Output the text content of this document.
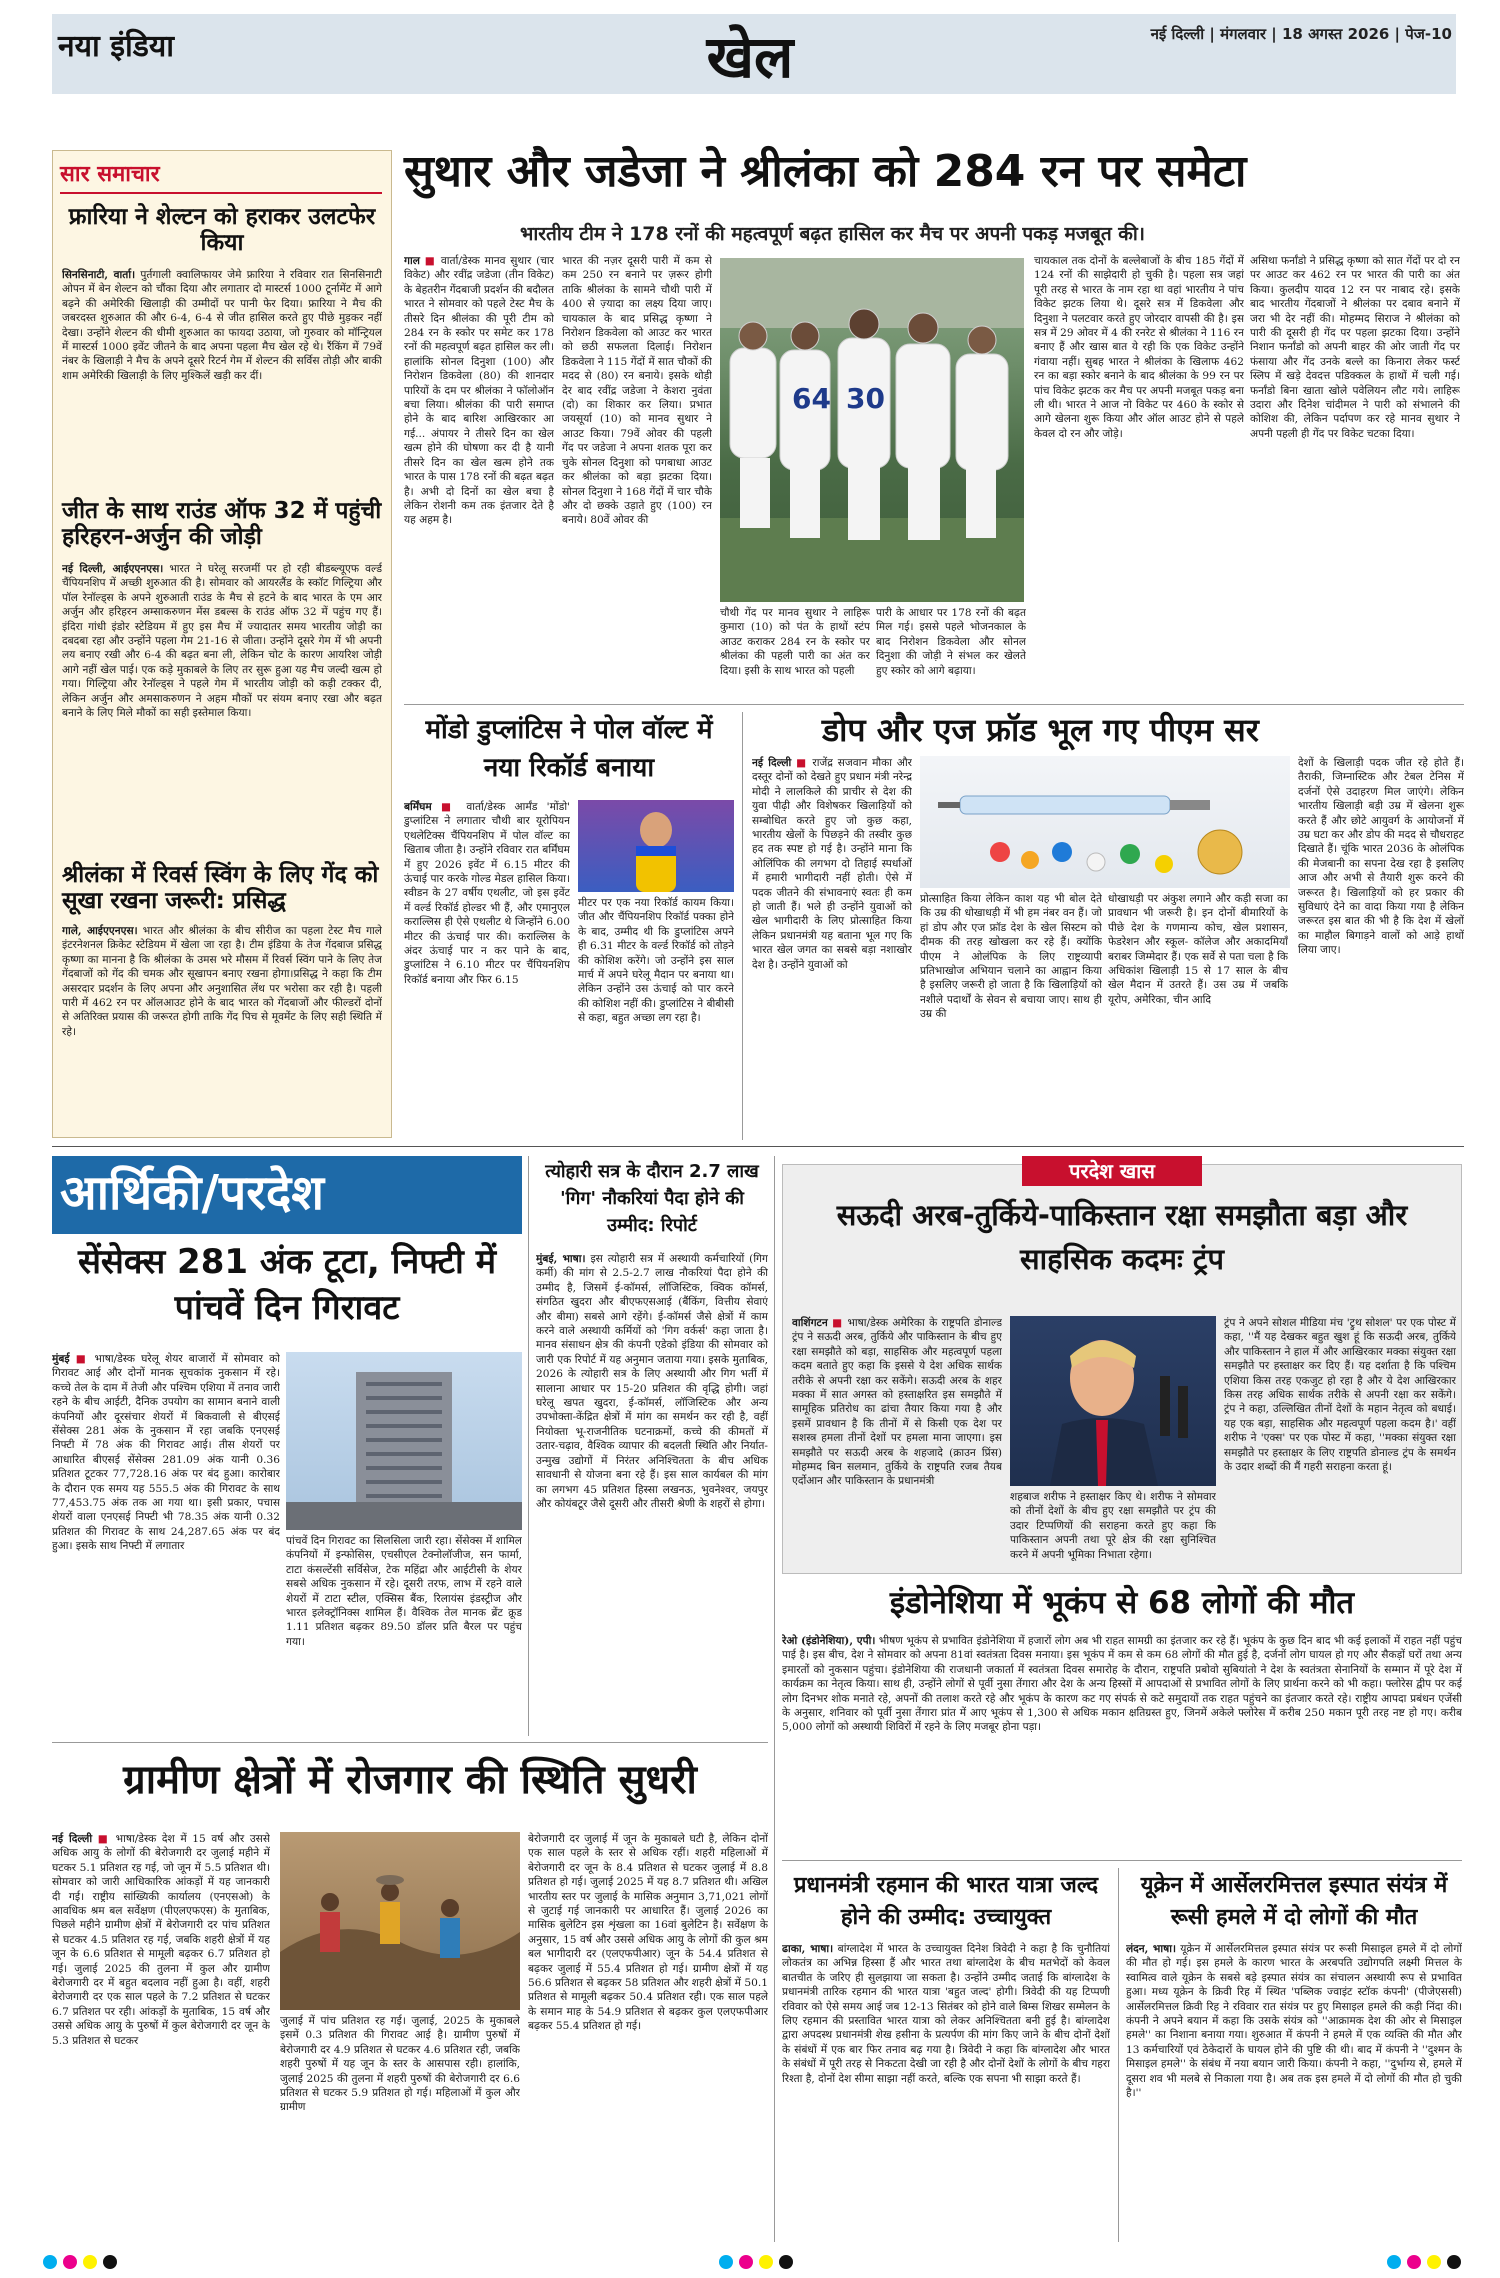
नया इंडिया	नई दिल्ली | मंगलवार | 18 अगस्त 2026 | पेज-10
खेल
सार समाचार
फ्रारिया ने शेल्टन को हराकर उलटफेर किया
सिनसिनाटी, वार्ता। पुर्तगाली क्वालिफायर जेमे फ्रारिया ने रविवार रात सिनसिनाटी ओपन में बेन शेल्टन को चौंका दिया और लगातार दो मास्टर्स 1000 टूर्नामेंट में आगे बढ़ने की अमेरिकी खिलाड़ी की उम्मीदों पर पानी फेर दिया। फ्रारिया ने मैच की जबरदस्त शुरुआत की और 6-4, 6-4 से जीत हासिल करते हुए पीछे मुड़कर नहीं देखा। उन्होंने शेल्टन की धीमी शुरुआत का फायदा उठाया, जो गुरुवार को मॉन्ट्रियल में मास्टर्स 1000 इवेंट जीतने के बाद अपना पहला मैच खेल रहे थे। रैंकिंग में 79वें नंबर के खिलाड़ी ने मैच के अपने दूसरे रिटर्न गेम में शेल्टन की सर्विस तोड़ी और बाकी शाम अमेरिकी खिलाड़ी के लिए मुश्किलें खड़ी कर दीं।
जीत के साथ राउंड ऑफ 32 में पहुंची हरिहरन-अर्जुन की जोड़ी
नई दिल्ली, आईएएनएस। भारत ने घरेलू सरजमीं पर हो रही बीडब्ल्यूएफ वर्ल्ड चैंपियनशिप में अच्छी शुरुआत की है। सोमवार को आयरलैंड के स्कॉट गिल्ट्रिया और पॉल रेनॉल्ड्स के अपने शुरुआती राउंड के मैच से हटने के बाद भारत के एम आर अर्जुन और हरिहरन अम्साकरुणन मेंस डबल्स के राउंड ऑफ 32 में पहुंच गए हैं। इंदिरा गांधी इंडोर स्टेडियम में हुए इस मैच में ज्यादातर समय भारतीय जोड़ी का दबदबा रहा और उन्होंने पहला गेम 21-16 से जीता। उन्होंने दूसरे गेम में भी अपनी लय बनाए रखी और 6-4 की बढ़त बना ली, लेकिन चोट के कारण आयरिश जोड़ी आगे नहीं खेल पाई। एक कड़े मुकाबले के लिए तर सुरू हुआ यह मैच जल्दी खत्म हो गया। गिल्ट्रिया और रेनॉल्ड्स ने पहले गेम में भारतीय जोड़ी को कड़ी टक्कर दी, लेकिन अर्जुन और अमसाकरुणन ने अहम मौकों पर संयम बनाए रखा और बढ़त बनाने के लिए मिले मौकों का सही इस्तेमाल किया।
श्रीलंका में रिवर्स स्विंग के लिए गेंद को सूखा रखना जरूरी: प्रसिद्ध
गाले, आईएएनएस। भारत और श्रीलंका के बीच सीरीज का पहला टेस्ट मैच गाले इंटरनेशनल क्रिकेट स्टेडियम में खेला जा रहा है। टीम इंडिया के तेज गेंदबाज प्रसिद्ध कृष्णा का मानना है कि श्रीलंका के उमस भरे मौसम में रिवर्स स्विंग पाने के लिए तेज गेंदबाजों को गेंद की चमक और सूखापन बनाए रखना होगा।प्रसिद्ध ने कहा कि टीम असरदार प्रदर्शन के लिए अपना और अनुशासित लेंथ पर भरोसा कर रही है। पहली पारी में 462 रन पर ऑलआउट होने के बाद भारत को गेंदबाजों और फील्डरों दोनों से अतिरिक्त प्रयास की जरूरत होगी ताकि गेंद पिच से मूवमेंट के लिए सही स्थिति में रहे।
सुथार और जडेजा ने श्रीलंका को 284 रन पर समेटा
भारतीय टीम ने 178 रनों की महत्वपूर्ण बढ़त हासिल कर मैच पर अपनी पकड़ मजबूत की।
गाल ■ वार्ता/डेस्क मानव सुथार (चार विकेट) और रवींद्र जडेजा (तीन विकेट) के बेहतरीन गेंदबाजी प्रदर्शन की बदौलत भारत ने सोमवार को पहले टेस्ट मैच के तीसरे दिन श्रीलंका की पूरी टीम को 284 रन के स्कोर पर समेट कर 178 रनों की महत्वपूर्ण बढ़त हासिल कर ली। हालांकि सोनल दिनुशा (100) और निरोशन डिकवेला (80) की शानदार पारियों के दम पर श्रीलंका ने फॉलोऑन बचा लिया। श्रीलंका की पारी समाप्त होने के बाद बारिश आखिरकार आ गई... अंपायर ने तीसरे दिन का खेल खत्म होने की घोषणा कर दी है यानी तीसरे दिन का खेल खत्म होने तक भारत के पास 178 रनों की बढ़त बढ़त है। अभी दो दिनों का खेल बचा है लेकिन रोशनी कम तक इंतजार देते है यह अहम है।
भारत की नज़र दूसरी पारी में कम से कम 250 रन बनाने पर ज़रूर होगी ताकि श्रीलंका के सामने चौथी पारी में 400 से ज़्यादा का लक्ष्य दिया जाए। चायकाल के बाद प्रसिद्ध कृष्णा ने निरोशन डिकवेला को आउट कर भारत को छठी सफलता दिलाई। निरोशन डिकवेला ने 115 गेंदों में सात चौकों की मदद से (80) रन बनाये। इसके थोड़ी देर बाद रवींद्र जडेजा ने केशरा नुवंता (दो) का शिकार कर लिया। प्रभात जयसूर्या (10) को मानव सुथार ने आउट किया। 79वें ओवर की पहली गेंद पर जडेजा ने अपना शतक पूरा कर चुके सोनल दिनुशा को पगबाधा आउट कर श्रीलंका को बड़ा झटका दिया। सोनल दिनुशा ने 168 गेंदों में चार चौके और दो छक्के उड़ाते हुए (100) रन बनाये। 80वें ओवर की
64 30
चौथी गेंद पर मानव सुथार ने लाहिरू कुमारा (10) को पंत के हाथों स्टंप आउट कराकर 284 रन के स्कोर पर श्रीलंका की पहली पारी का अंत कर दिया। इसी के साथ भारत को पहली
पारी के आधार पर 178 रनों की बढ़त मिल गई। इससे पहले भोजनकाल के बाद निरोशन डिकवेला और सोनल दिनुशा की जोड़ी ने संभल कर खेलते हुए स्कोर को आगे बढ़ाया।
चायकाल तक दोनों के बल्लेबाजों के बीच 185 गेंदों में 124 रनों की साझेदारी हो चुकी है। पहला सत्र जहां पूरी तरह से भारत के नाम रहा था वहां भारतीय ने पांच विकेट झटक लिया थे। दूसरे सत्र में डिकवेला और दिनुशा ने पलटवार करते हुए जोरदार वापसी की है। इस सत्र में 29 ओवर में 4 की रनरेट से श्रीलंका ने 116 रन बनाए हैं और खास बात ये रही कि एक विकेट उन्होंने गंवाया नहीं। सुबह भारत ने श्रीलंका के खिलाफ 462 रन का बड़ा स्कोर बनाने के बाद श्रीलंका के 99 रन पर पांच विकेट झटक कर मैच पर अपनी मजबूत पकड़ बना ली थी। भारत ने आज नो विकेट पर 460 के स्कोर से आगे खेलना शुरू किया और ऑल आउट होने से पहले केवल दो रन और जोड़े।
असिथा फर्नांडो ने प्रसिद्ध कृष्णा को सात गेंदों पर दो रन पर आउट कर 462 रन पर भारत की पारी का अंत किया। कुलदीप यादव 12 रन पर नाबाद रहे। इसके बाद भारतीय गेंदबाजों ने श्रीलंका पर दबाव बनाने में जरा भी देर नहीं की। मोहम्मद सिराज ने श्रीलंका को पारी की दूसरी ही गेंद पर पहला झटका दिया। उन्होंने निशान फर्नांडो को अपनी बाहर की ओर जाती गेंद पर फंसाया और गेंद उनके बल्ले का किनारा लेकर फर्स्ट स्लिप में खड़े देवदत्त पडिक्कल के हाथों में चली गई। फर्नांडो बिना खाता खोले पवेलियन लौट गये। लाहिरू उदारा और दिनेश चांदीमल ने पारी को संभालने की कोशिश की, लेकिन पर्दापण कर रहे मानव सुथार ने अपनी पहली ही गेंद पर विकेट चटका दिया।
मोंडो डुप्लांटिस ने पोल वॉल्ट में नया रिकॉर्ड बनाया
बर्मिंघम ■ वार्ता/डेस्क आर्मंड 'मोंडो' डुप्लांटिस ने लगातार चौथी बार यूरोपियन एथलेटिक्स चैंपियनशिप में पोल वॉल्ट का खिताब जीता है। उन्होंने रविवार रात बर्मिंघम में हुए 2026 इवेंट में 6.15 मीटर की ऊंचाई पार करके गोल्ड मेडल हासिल किया। स्वीडन के 27 वर्षीय एथलीट, जो इस इवेंट में वर्ल्ड रिकॉर्ड होल्डर भी हैं, और एमानुएल कराल्लिस ही ऐसे एथलीट थे जिन्होंने 6.00 मीटर की ऊंचाई पार की। कराल्लिस के अंदर ऊंचाई पार न कर पाने के बाद, डुप्लांटिस ने 6.10 मीटर पर चैंपियनशिप रिकॉर्ड बनाया और फिर 6.15
मीटर पर एक नया रिकॉर्ड कायम किया। जीत और चैंपियनशिप रिकॉर्ड पक्का होने के बाद, उम्मीद थी कि डुप्लांटिस अपने ही 6.31 मीटर के वर्ल्ड रिकॉर्ड को तोड़ने की कोशिश करेंगे। जो उन्होंने इस साल मार्च में अपने घरेलू मैदान पर बनाया था। लेकिन उन्होंने उस ऊंचाई को पार करने की कोशिश नहीं की। डुप्लांटिस ने बीबीसी से कहा, बहुत अच्छा लग रहा है।
डोप और एज फ्रॉड भूल गए पीएम सर
नई दिल्ली ■ राजेंद्र सजवान मौका और दस्तूर दोनों को देखते हुए प्रधान मंत्री नरेन्द्र मोदी ने लालकिले की प्राचीर से देश की युवा पीढ़ी और विशेषकर खिलाड़ियों को सम्बोधित करते हुए जो कुछ कहा, भारतीय खेलों के पिछड़ने की तस्वीर कुछ हद तक स्पष्ट हो गई है। उन्होंने माना कि ओलिंपिक की लगभग दो तिहाई स्पर्धाओं में हमारी भागीदारी नहीं होती। ऐसे में पदक जीतने की संभावनाएं स्वतः ही कम हो जाती हैं। भले ही उन्होंने युवाओं को खेल भागीदारी के लिए प्रोत्साहित किया लेकिन प्रधानमंत्री यह बताना भूल गए कि भारत खेल जगत का सबसे बड़ा नशाखोर देश है। उन्होंने युवाओं को
प्रोत्साहित किया लेकिन काश यह भी बोल देते कि उम्र की धोखाधड़ी में भी हम नंबर वन हैं। जो हां डोप और एज फ्रॉड देश के खेल सिस्टम को दीमक की तरह खोखला कर रहे हैं। क्योंकि पीएम ने ओलंपिक के लिए राष्ट्रव्यापी प्रतिभाखोज अभियान चलाने का आह्वान किया है इसलिए जरूरी हो जाता है कि खिलाड़ियों को नशीले पदार्थों के सेवन से बचाया जाए। साथ ही उम्र की
धोखाधड़ी पर अंकुश लगाने और कड़ी सजा का प्रावधान भी जरूरी है। इन दोनों बीमारियों के पीछे देश के गणमान्य कोच, खेल प्रशासन, फेडरेशन और स्कूल- कॉलेज और अकादमियाँ बराबर जिम्मेदार हैं। एक सर्वे से पता चला है कि अधिकांश खिलाड़ी 15 से 17 साल के बीच खेल मैदान में उतरते हैं। उस उम्र में जबकि यूरोप, अमेरिका, चीन आदि
देशों के खिलाड़ी पदक जीत रहे होते हैं। तैराकी, जिम्नास्टिक और टेबल टेनिस में दर्जनों ऐसे उदाहरण मिल जाएंगे। लेकिन भारतीय खिलाड़ी बड़ी उम्र में खेलना शुरू करते हैं और छोटे आयुवर्ग के आयोजनों में उम्र घटा कर और डोप की मदद से चौधराहट दिखाते हैं। चूंकि भारत 2036 के ओलंपिक की मेजबानी का सपना देख रहा है इसलिए आज और अभी से तैयारी शुरू करने की जरूरत है। खिलाड़ियों को हर प्रकार की सुविधाएं देने का वादा किया गया है लेकिन जरूरत इस बात की भी है कि देश में खेलों का माहौल बिगाड़ने वालों को आड़े हाथों लिया जाए।
आर्थिकी/परदेश
सेंसेक्स 281 अंक टूटा, निफ्टी में पांचवें दिन गिरावट
मुंबई ■ भाषा/डेस्क घरेलू शेयर बाजारों में सोमवार को गिरावट आई और दोनों मानक सूचकांक नुकसान में रहे। कच्चे तेल के दाम में तेजी और पश्चिम एशिया में तनाव जारी रहने के बीच आईटी, दैनिक उपयोग का सामान बनाने वाली कंपनियों और दूरसंचार शेयरों में बिकवाली से बीएसई सेंसेक्स 281 अंक के नुकसान में रहा जबकि एनएसई निफ्टी में 78 अंक की गिरावट आई। तीस शेयरों पर आधारित बीएसई सेंसेक्स 281.09 अंक यानी 0.36 प्रतिशत टूटकर 77,728.16 अंक पर बंद हुआ। कारोबार के दौरान एक समय यह 555.5 अंक की गिरावट के साथ 77,453.75 अंक तक आ गया था। इसी प्रकार, पचास शेयरों वाला एनएसई निफ्टी भी 78.35 अंक यानी 0.32 प्रतिशत की गिरावट के साथ 24,287.65 अंक पर बंद हुआ। इसके साथ निफ्टी में लगातार	पांचवें दिन गिरावट का सिलसिला जारी रहा। सेंसेक्स में शामिल कंपनियों में इन्फोसिस, एचसीएल टेक्नोलॉजीज, सन फार्मा, टाटा कंसल्टेंसी सर्विसेज, टेक महिंद्रा और आईटीसी के शेयर सबसे अधिक नुकसान में रहे। दूसरी तरफ, लाभ में रहने वाले शेयरों में टाटा स्टील, एक्सिस बैंक, रिलायंस इंडस्ट्रीज और भारत इलेक्ट्रॉनिक्स शामिल हैं। वैश्विक तेल मानक ब्रेंट क्रूड 1.11 प्रतिशत बढ़कर 89.50 डॉलर प्रति बैरल पर पहुंच गया।
त्योहारी सत्र के दौरान 2.7 लाख 'गिग' नौकरियां पैदा होने की उम्मीद: रिपोर्ट
मुंबई, भाषा। इस त्योहारी सत्र में अस्थायी कर्मचारियों (गिग कर्मी) की मांग से 2.5-2.7 लाख नौकरियां पैदा होने की उम्मीद है, जिसमें ई-कॉमर्स, लॉजिस्टिक, क्विक कॉमर्स, संगठित खुदरा और बीएफएसआई (बैंकिंग, वित्तीय सेवाएं और बीमा) सबसे आगे रहेंगे। ई-कॉमर्स जैसे क्षेत्रों में काम करने वाले अस्थायी कर्मियों को 'गिग वर्कर्स' कहा जाता है। मानव संसाधन क्षेत्र की कंपनी एडेको इंडिया की सोमवार को जारी एक रिपोर्ट में यह अनुमान जताया गया। इसके मुताबिक, 2026 के त्योहारी सत्र के लिए अस्थायी और गिग भर्ती में सालाना आधार पर 15-20 प्रतिशत की वृद्धि होगी। जहां घरेलू खपत खुदरा, ई-कॉमर्स, लॉजिस्टिक और अन्य उपभोक्ता-केंद्रित क्षेत्रों में मांग का समर्थन कर रही है, वहीं नियोक्ता भू-राजनीतिक घटनाक्रमों, कच्चे की कीमतों में उतार-चढ़ाव, वैश्विक व्यापार की बदलती स्थिति और निर्यात-उन्मुख उद्योगों में निरंतर अनिश्चितता के बीच अधिक सावधानी से योजना बना रहे हैं। इस साल कार्यबल की मांग का लगभग 45 प्रतिशत हिस्सा लखनऊ, भुवनेश्वर, जयपुर और कोयंबटूर जैसे दूसरी और तीसरी श्रेणी के शहरों से होगा।
परदेश खास
सऊदी अरब-तुर्किये-पाकिस्तान रक्षा समझौता बड़ा और साहसिक कदमः ट्रंप
वाशिंगटन ■ भाषा/डेस्क अमेरिका के राष्ट्रपति डोनाल्ड ट्रंप ने सऊदी अरब, तुर्किये और पाकिस्तान के बीच हुए रक्षा समझौते को बड़ा, साहसिक और महत्वपूर्ण पहला कदम बताते हुए कहा कि इससे ये देश अधिक सार्थक तरीके से अपनी रक्षा कर सकेंगे। सऊदी अरब के शहर मक्का में सात अगस्त को हस्ताक्षरित इस समझौते में सामूहिक प्रतिरोध का ढांचा तैयार किया गया है और इसमें प्रावधान है कि तीनों में से किसी एक देश पर सशस्त्र हमला तीनों देशों पर हमला माना जाएगा। इस समझौते पर सऊदी अरब के शहजादे (क्राउन प्रिंस) मोहम्मद बिन सलमान, तुर्किये के राष्ट्रपति रजब तैयब एर्दोआन और पाकिस्तान के प्रधानमंत्री
शहबाज शरीफ ने हस्ताक्षर किए थे। शरीफ ने सोमवार को तीनों देशों के बीच हुए रक्षा समझौते पर ट्रंप की उदार टिप्पणियों की सराहना करते हुए कहा कि पाकिस्तान अपनी तथा पूरे क्षेत्र की रक्षा सुनिश्चित करने में अपनी भूमिका निभाता रहेगा।
ट्रंप ने अपने सोशल मीडिया मंच 'ट्रुथ सोशल' पर एक पोस्ट में कहा, ''मैं यह देखकर बहुत खुश हूं कि सऊदी अरब, तुर्किये और पाकिस्तान ने हाल में और आखिरकार मक्का संयुक्त रक्षा समझौते पर हस्ताक्षर कर दिए हैं। यह दर्शाता है कि पश्चिम एशिया किस तरह एकजुट हो रहा है और ये देश आखिरकार किस तरह अधिक सार्थक तरीके से अपनी रक्षा कर सकेंगे। ट्रंप ने कहा, उल्लिखित तीनों देशों के महान नेतृत्व को बधाई। यह एक बड़ा, साहसिक और महत्वपूर्ण पहला कदम है।' वहीं शरीफ ने 'एक्स' पर एक पोस्ट में कहा, ''मक्का संयुक्त रक्षा समझौते पर हस्ताक्षर के लिए राष्ट्रपति डोनाल्ड ट्रंप के समर्थन के उदार शब्दों की मैं गहरी सराहना करता हूं।
इंडोनेशिया में भूकंप से 68 लोगों की मौत
रेओ (इंडोनेशिया), एपी। भीषण भूकंप से प्रभावित इंडोनेशिया में हजारों लोग अब भी राहत सामग्री का इंतजार कर रहे हैं। भूकंप के कुछ दिन बाद भी कई इलाकों में राहत नहीं पहुंच पाई है। इस बीच, देश ने सोमवार को अपना 81वां स्वतंत्रता दिवस मनाया। इस भूकंप में कम से कम 68 लोगों की मौत हुई है, दर्जनों लोग घायल हो गए और सैकड़ों घरों तथा अन्य इमारतों को नुकसान पहुंचा। इंडोनेशिया की राजधानी जकार्ता में स्वतंत्रता दिवस समारोह के दौरान, राष्ट्रपति प्रबोवो सुबियांतो ने देश के स्वतंत्रता सेनानियों के सम्मान में पूरे देश में कार्यक्रम का नेतृत्व किया। साथ ही, उन्होंने लोगों से पूर्वी नुसा तेंगारा और देश के अन्य हिस्सों में आपदाओं से प्रभावित लोगों के लिए प्रार्थना करने को भी कहा। फ्लोरेस द्वीप पर कई लोग दिनभर शोक मनाते रहे, अपनों की तलाश करते रहे और भूकंप के कारण कट गए संपर्क से कटे समुदायों तक राहत पहुंचने का इंतजार करते रहे। राष्ट्रीय आपदा प्रबंधन एजेंसी के अनुसार, शनिवार को पूर्वी नुसा तेंगारा प्रांत में आए भूकंप से 1,300 से अधिक मकान क्षतिग्रस्त हुए, जिनमें अकेले फ्लोरेस में करीब 250 मकान पूरी तरह नष्ट हो गए। करीब 5,000 लोगों को अस्थायी शिविरों में रहने के लिए मजबूर होना पड़ा।
ग्रामीण क्षेत्रों में रोजगार की स्थिति सुधरी
नई दिल्ली ■ भाषा/डेस्क देश में 15 वर्ष और उससे अधिक आयु के लोगों की बेरोजगारी दर जुलाई महीने में घटकर 5.1 प्रतिशत रह गई, जो जून में 5.5 प्रतिशत थी। सोमवार को जारी आधिकारिक आंकड़ों में यह जानकारी दी गई। राष्ट्रीय सांख्यिकी कार्यालय (एनएसओ) के आवधिक श्रम बल सर्वेक्षण (पीएलएफएस) के मुताबिक, पिछले महीने ग्रामीण क्षेत्रों में बेरोजगारी दर पांच प्रतिशत से घटकर 4.5 प्रतिशत रह गई, जबकि शहरी क्षेत्रों में यह जून के 6.6 प्रतिशत से मामूली बढ़कर 6.7 प्रतिशत हो गई। जुलाई 2025 की तुलना में कुल और ग्रामीण बेरोजगारी दर में बहुत बदलाव नहीं हुआ है। वहीं, शहरी बेरोजगारी दर एक साल पहले के 7.2 प्रतिशत से घटकर 6.7 प्रतिशत पर रही। आंकड़ों के मुताबिक, 15 वर्ष और उससे अधिक आयु के पुरुषों में कुल बेरोजगारी दर जून के 5.3 प्रतिशत से घटकर
जुलाई में पांच प्रतिशत रह गई। जुलाई, 2025 के मुकाबले इसमें 0.3 प्रतिशत की गिरावट आई है। ग्रामीण पुरुषों में बेरोजगारी दर 4.9 प्रतिशत से घटकर 4.6 प्रतिशत रही, जबकि शहरी पुरुषों में यह जून के स्तर के आसपास रही। हालांकि, जुलाई 2025 की तुलना में शहरी पुरुषों की बेरोजगारी दर 6.6 प्रतिशत से घटकर 5.9 प्रतिशत हो गई। महिलाओं में कुल और ग्रामीण
बेरोजगारी दर जुलाई में जून के मुकाबले घटी है, लेकिन दोनों एक साल पहले के स्तर से अधिक रहीं। शहरी महिलाओं में बेरोजगारी दर जून के 8.4 प्रतिशत से घटकर जुलाई में 8.8 प्रतिशत हो गई। जुलाई 2025 में यह 8.7 प्रतिशत थी। अखिल भारतीय स्तर पर जुलाई के मासिक अनुमान 3,71,021 लोगों से जुटाई गई जानकारी पर आधारित हैं। जुलाई 2026 का मासिक बुलेटिन इस शृंखला का 16वां बुलेटिन है। सर्वेक्षण के अनुसार, 15 वर्ष और उससे अधिक आयु के लोगों की कुल श्रम बल भागीदारी दर (एलएफपीआर) जून के 54.4 प्रतिशत से बढ़कर जुलाई में 55.4 प्रतिशत हो गई। ग्रामीण क्षेत्रों में यह 56.6 प्रतिशत से बढ़कर 58 प्रतिशत और शहरी क्षेत्रों में 50.1 प्रतिशत से मामूली बढ़कर 50.4 प्रतिशत रही। एक साल पहले के समान माह के 54.9 प्रतिशत से बढ़कर कुल एलएफपीआर बढ़कर 55.4 प्रतिशत हो गई।
प्रधानमंत्री रहमान की भारत यात्रा जल्द होने की उम्मीद: उच्चायुक्त
ढाका, भाषा। बांग्लादेश में भारत के उच्चायुक्त दिनेश त्रिवेदी ने कहा है कि चुनौतियां लोकतंत्र का अभिन्न हिस्सा हैं और भारत तथा बांग्लादेश के बीच मतभेदों को केवल बातचीत के जरिए ही सुलझाया जा सकता है। उन्होंने उम्मीद जताई कि बांग्लादेश के प्रधानमंत्री तारिक रहमान की भारत यात्रा 'बहुत जल्द' होगी। त्रिवेदी की यह टिप्पणी रविवार को ऐसे समय आई जब 12-13 सितंबर को होने वाले बिम्स शिखर सम्मेलन के लिए रहमान की प्रस्तावित भारत यात्रा को लेकर अनिश्चितता बनी हुई है। बांग्लादेश द्वारा अपदस्थ प्रधानमंत्री शेख हसीना के प्रत्यर्पण की मांग किए जाने के बीच दोनों देशों के संबंधों में एक बार फिर तनाव बढ़ गया है। त्रिवेदी ने कहा कि बांग्लादेश और भारत के संबंधों में पूरी तरह से निकटता देखी जा रही है और दोनों देशों के लोगों के बीच गहरा रिश्ता है, दोनों देश सीमा साझा नहीं करते, बल्कि एक सपना भी साझा करते हैं।
यूक्रेन में आर्सेलरमित्तल इस्पात संयंत्र में रूसी हमले में दो लोगों की मौत
लंदन, भाषा। यूक्रेन में आर्सेलरमित्तल इस्पात संयंत्र पर रूसी मिसाइल हमले में दो लोगों की मौत हो गई। इस हमले के कारण भारत के अरबपति उद्योगपति लक्ष्मी मित्तल के स्वामित्व वाले यूक्रेन के सबसे बड़े इस्पात संयंत्र का संचालन अस्थायी रूप से प्रभावित हुआ। मध्य यूक्रेन के क्रिवी रिह में स्थित 'पब्लिक ज्वाइंट स्टॉक कंपनी' (पीजेएससी) आर्सेलरमित्तल क्रिवी रिह ने रविवार रात संयंत्र पर हुए मिसाइल हमले की कड़ी निंदा की। कंपनी ने अपने बयान में कहा कि उसके संयंत्र को ''आक्रामक देश की ओर से मिसाइल हमले'' का निशाना बनाया गया। शुरुआत में कंपनी ने हमले में एक व्यक्ति की मौत और 13 कर्मचारियों एवं ठेकेदारों के घायल होने की पुष्टि की थी। बाद में कंपनी ने ''दुश्मन के मिसाइल हमले'' के संबंध में नया बयान जारी किया। कंपनी ने कहा, ''दुर्भाग्य से, हमले में दूसरा शव भी मलबे से निकाला गया है। अब तक इस हमले में दो लोगों की मौत हो चुकी है।''
